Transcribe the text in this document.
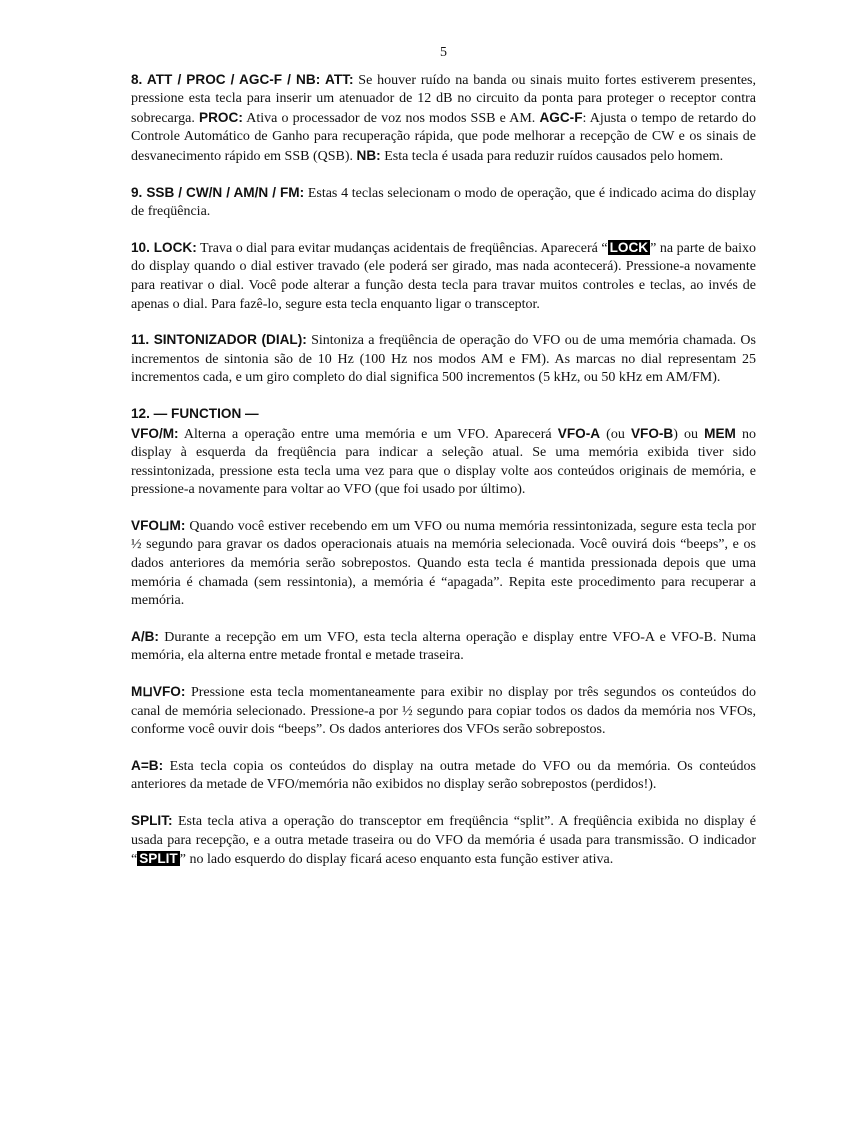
5

8. ATT / PROC / AGC-F / NB: ATT: Se houver ruído na banda ou sinais muito fortes estiverem presentes, pressione esta tecla para inserir um atenuador de 12 dB no circuito da ponta para proteger o receptor contra sobrecarga. PROC: Ativa o processador de voz nos modos SSB e AM. AGC-F: Ajusta o tempo de retardo do Controle Automático de Ganho para recuperação rápida, que pode melhorar a recepção de CW e os sinais de desvanecimento rápido em SSB (QSB). NB: Esta tecla é usada para reduzir ruídos causados pelo homem.

9. SSB / CW/N / AM/N / FM: Estas 4 teclas selecionam o modo de operação, que é indicado acima do display de freqüência.

10. LOCK: Trava o dial para evitar mudanças acidentais de freqüências. Aparecerá “ LOCK ” na parte de baixo do display quando o dial estiver travado (ele poderá ser girado, mas nada acontecerá). Pressione-a novamente para reativar o dial. Você pode alterar a função desta tecla para travar muitos controles e teclas, ao invés de apenas o dial. Para fazê-lo, segure esta tecla enquanto ligar o transceptor.

11. SINTONIZADOR (DIAL): Sintoniza a freqüência de operação do VFO ou de uma memória chamada. Os incrementos de sintonia são de 10 Hz (100 Hz nos modos AM e FM). As marcas no dial representam 25 incrementos cada, e um giro completo do dial significa 500 incrementos (5 kHz, ou 50 kHz em AM/FM).

12. — FUNCTION —

VFO/M: Alterna a operação entre uma memória e um VFO. Aparecerá VFO-A (ou VFO-B) ou MEM no display à esquerda da freqüência para indicar a seleção atual. Se uma memória exibida tiver sido ressintonizada, pressione esta tecla uma vez para que o display volte aos conteúdos originais de memória, e pressione-a novamente para voltar ao VFO (que foi usado por último).

VFO⊔M: Quando você estiver recebendo em um VFO ou numa memória ressintonizada, segure esta tecla por ½ segundo para gravar os dados operacionais atuais na memória selecionada. Você ouvirá dois “beeps”, e os dados anteriores da memória serão sobrepostos. Quando esta tecla é mantida pressionada depois que uma memória é chamada (sem ressintonia), a memória é “apagada”. Repita este procedimento para recuperar a memória.

A/B: Durante a recepção em um VFO, esta tecla alterna operação e display entre VFO-A e VFO-B. Numa memória, ela alterna entre metade frontal e metade traseira.

M⊔VFO: Pressione esta tecla momentaneamente para exibir no display por três segundos os conteúdos do canal de memória selecionado. Pressione-a por ½ segundo para copiar todos os dados da memória nos VFOs, conforme você ouvir dois “beeps”. Os dados anteriores dos VFOs serão sobrepostos.

A=B: Esta tecla copia os conteúdos do display na outra metade do VFO ou da memória. Os conteúdos anteriores da metade de VFO/memória não exibidos no display serão sobrepostos (perdidos!).

SPLIT: Esta tecla ativa a operação do transceptor em freqüência “split”. A freqüência exibida no display é usada para recepção, e a outra metade traseira ou do VFO da memória é usada para transmissão. O indicador “ SPLIT ” no lado esquerdo do display ficará aceso enquanto esta função estiver ativa.
